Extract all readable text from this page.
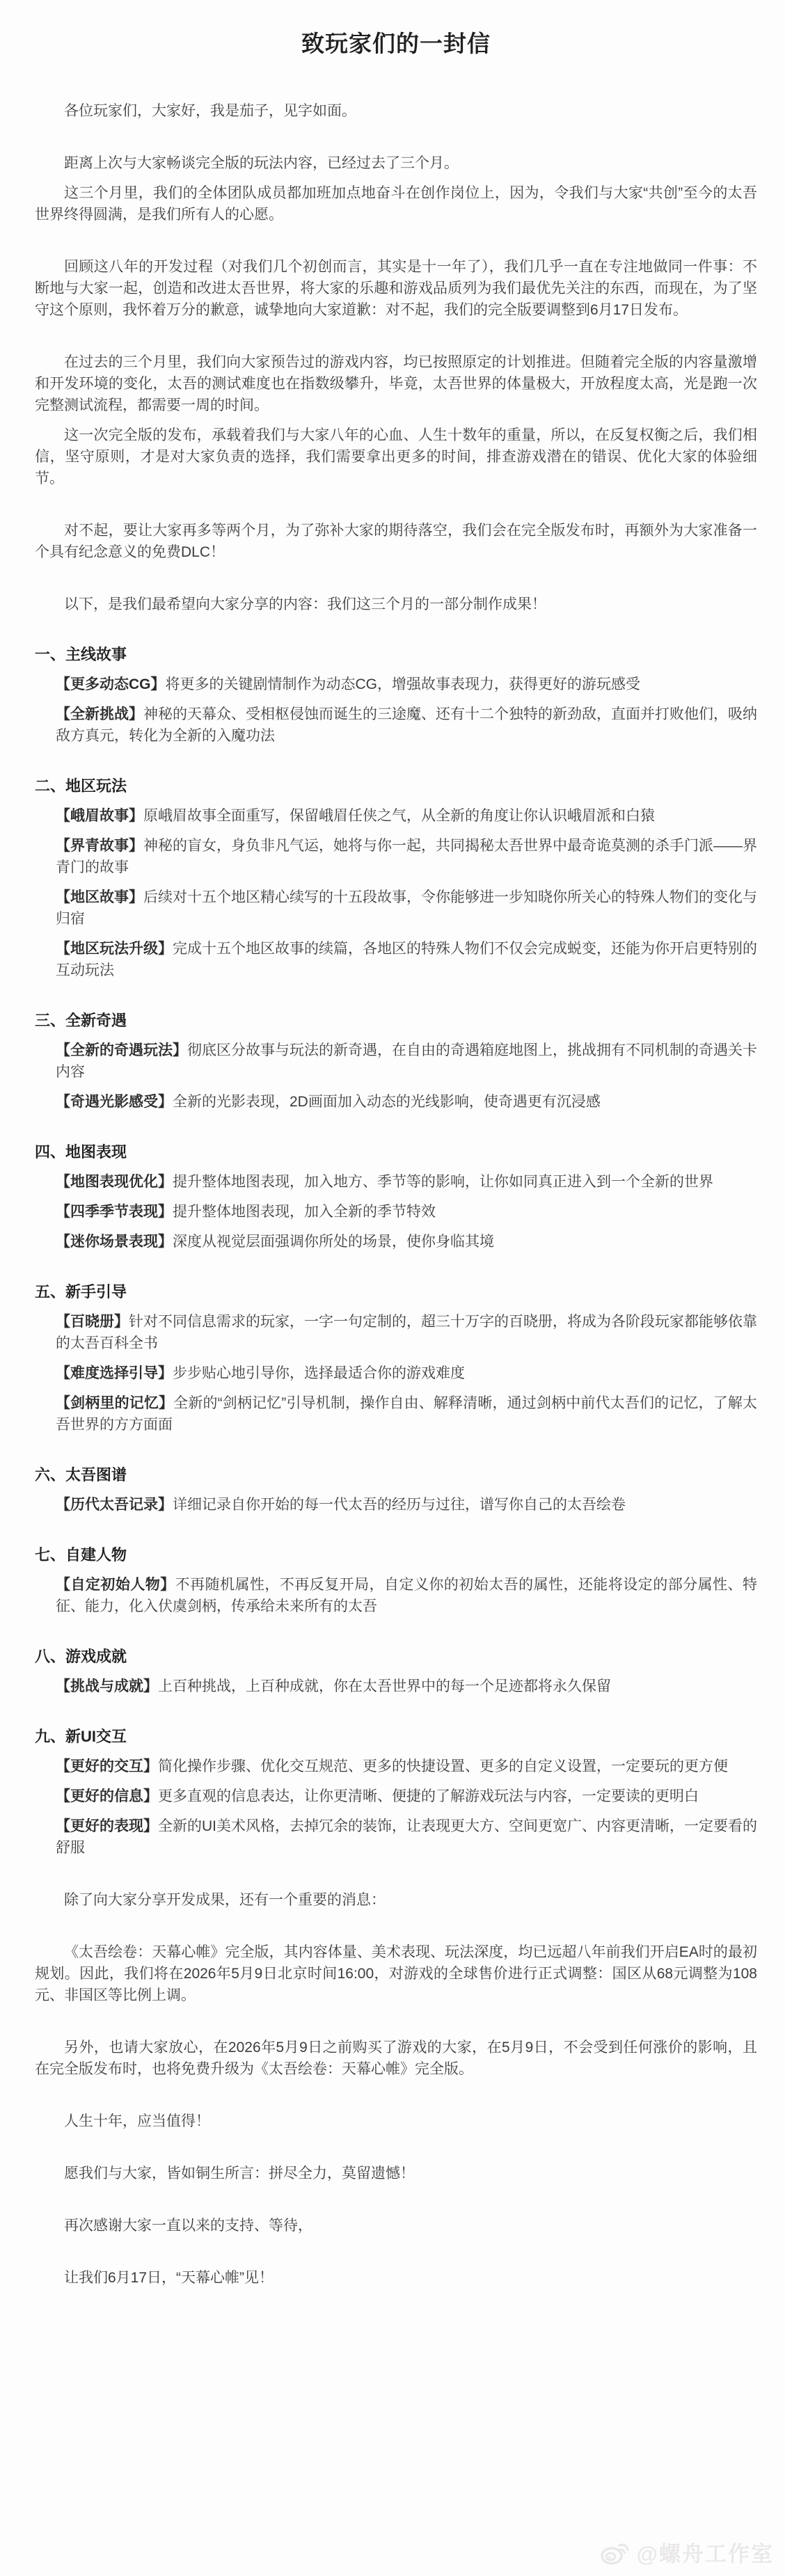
致玩家们的一封信

各位玩家们，大家好，我是茄子，见字如面。

距离上次与大家畅谈完全版的玩法内容，已经过去了三个月。

这三个月里，我们的全体团队成员都加班加点地奋斗在创作岗位上，因为，令我们与大家“共创”至今的太吾世界终得圆满，是我们所有人的心愿。

回顾这八年的开发过程（对我们几个初创而言，其实是十一年了），我们几乎一直在专注地做同一件事：不断地与大家一起，创造和改进太吾世界，将大家的乐趣和游戏品质列为我们最优先关注的东西，而现在，为了坚守这个原则，我怀着万分的歉意，诚挚地向大家道歉：对不起，我们的完全版要调整到6月17日发布。

在过去的三个月里，我们向大家预告过的游戏内容，均已按照原定的计划推进。但随着完全版的内容量激增和开发环境的变化，太吾的测试难度也在指数级攀升，毕竟，太吾世界的体量极大，开放程度太高，光是跑一次完整测试流程，都需要一周的时间。

这一次完全版的发布，承载着我们与大家八年的心血、人生十数年的重量，所以，在反复权衡之后，我们相信，坚守原则，才是对大家负责的选择，我们需要拿出更多的时间，排查游戏潜在的错误、优化大家的体验细节。

对不起，要让大家再多等两个月，为了弥补大家的期待落空，我们会在完全版发布时，再额外为大家准备一个具有纪念意义的免费DLC！

以下，是我们最希望向大家分享的内容：我们这三个月的一部分制作成果！

一、主线故事

【更多动态CG】将更多的关键剧情制作为动态CG，增强故事表现力，获得更好的游玩感受

【全新挑战】神秘的天幕众、受相枢侵蚀而诞生的三途魔、还有十二个独特的新劲敌，直面并打败他们，吸纳敌方真元，转化为全新的入魔功法

二、地区玩法

【峨眉故事】原峨眉故事全面重写，保留峨眉任侠之气，从全新的角度让你认识峨眉派和白猿

【界青故事】神秘的盲女，身负非凡气运，她将与你一起，共同揭秘太吾世界中最奇诡莫测的杀手门派——界青门的故事

【地区故事】后续对十五个地区精心续写的十五段故事，令你能够进一步知晓你所关心的特殊人物们的变化与归宿

【地区玩法升级】完成十五个地区故事的续篇，各地区的特殊人物们不仅会完成蜕变，还能为你开启更特别的互动玩法

三、全新奇遇

【全新的奇遇玩法】彻底区分故事与玩法的新奇遇，在自由的奇遇箱庭地图上，挑战拥有不同机制的奇遇关卡内容

【奇遇光影感受】全新的光影表现，2D画面加入动态的光线影响，使奇遇更有沉浸感

四、地图表现

【地图表现优化】提升整体地图表现，加入地方、季节等的影响，让你如同真正进入到一个全新的世界

【四季季节表现】提升整体地图表现，加入全新的季节特效

【迷你场景表现】深度从视觉层面强调你所处的场景，使你身临其境

五、新手引导

【百晓册】针对不同信息需求的玩家，一字一句定制的，超三十万字的百晓册，将成为各阶段玩家都能够依靠的太吾百科全书

【难度选择引导】步步贴心地引导你，选择最适合你的游戏难度

【剑柄里的记忆】全新的“剑柄记忆”引导机制，操作自由、解释清晰，通过剑柄中前代太吾们的记忆，了解太吾世界的方方面面

六、太吾图谱

【历代太吾记录】详细记录自你开始的每一代太吾的经历与过往，谱写你自己的太吾绘卷

七、自建人物

【自定初始人物】不再随机属性，不再反复开局，自定义你的初始太吾的属性，还能将设定的部分属性、特征、能力，化入伏虞剑柄，传承给未来所有的太吾

八、游戏成就

【挑战与成就】上百种挑战，上百种成就，你在太吾世界中的每一个足迹都将永久保留

九、新UI交互

【更好的交互】简化操作步骤、优化交互规范、更多的快捷设置、更多的自定义设置，一定要玩的更方便

【更好的信息】更多直观的信息表达，让你更清晰、便捷的了解游戏玩法与内容，一定要读的更明白

【更好的表现】全新的UI美术风格，去掉冗余的装饰，让表现更大方、空间更宽广、内容更清晰，一定要看的舒服

除了向大家分享开发成果，还有一个重要的消息：

《太吾绘卷：天幕心帷》完全版，其内容体量、美术表现、玩法深度，均已远超八年前我们开启EA时的最初规划。因此，我们将在2026年5月9日北京时间16:00，对游戏的全球售价进行正式调整：国区从68元调整为108元、非国区等比例上调。

另外，也请大家放心，在2026年5月9日之前购买了游戏的大家，在5月9日，不会受到任何涨价的影响，且在完全版发布时，也将免费升级为《太吾绘卷：天幕心帷》完全版。

人生十年，应当值得！

愿我们与大家，皆如铜生所言：拼尽全力，莫留遗憾！

再次感谢大家一直以来的支持、等待，

让我们6月17日，“天幕心帷”见！

@螺舟工作室
